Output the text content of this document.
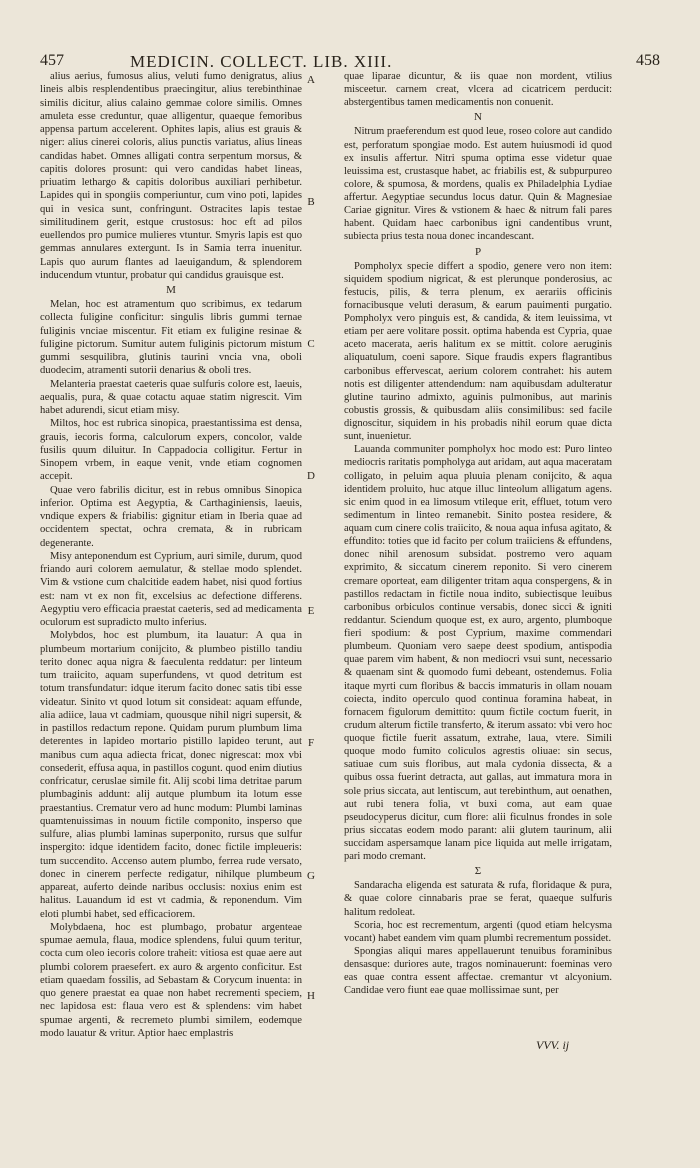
457	MEDICIN. COLLECT. LIB. XIII.	458

alius aerius, fumosus alius, veluti fumo denigratus, alius lineis albis resplendentibus praecingitur, alius terebinthinae similis dicitur, alius calaino gemmae colore similis. Omnes amuleta esse creduntur, quae alligentur, quaeque femoribus appensa partum accelerent. Ophites lapis, alius est grauis & niger: alius cinerei coloris, alius punctis variatus, alius lineas candidas habet. Omnes alligati contra serpentum morsus, & capitis dolores prosunt: qui vero candidas habet lineas, priuatim lethargo & capitis doloribus auxiliari perhibetur. Lapides qui in spongiis comperiuntur, cum vino poti, lapides qui in vesica sunt, confringunt. Ostracites lapis testae similitudinem gerit, estque crustosus: hoc eft ad pilos euellendos pro pumice mulieres vtuntur. Smyris lapis est quo gemmas annulares extergunt. Is in Samia terra inuenitur. Lapis quo aurum flantes ad laeuigandum, & splendorem inducendum vtuntur, probatur qui candidus grauisque est.

M

Melan, hoc est atramentum quo scribimus, ex tedarum collecta fuligine conficitur: singulis libris gummi ternae fuliginis vnciae miscentur. Fit etiam ex fuligine resinae & fuligine pictorum. Sumitur autem fuliginis pictorum mistum gummi sesquilibra, glutinis taurini vncia vna, oboli duodecim, atramenti sutorii denarius & oboli tres.

Melanteria praestat caeteris quae sulfuris colore est, laeuis, aequalis, pura, & quae cotactu aquae statim nigrescit. Vim habet adurendi, sicut etiam misy.

Miltos, hoc est rubrica sinopica, praestantissima est densa, grauis, iecoris forma, calculorum expers, concolor, valde fusilis quum diluitur. In Cappadocia colligitur. Fertur in Sinopem vrbem, in eaque venit, vnde etiam cognomen accepit.

Quae vero fabrilis dicitur, est in rebus omnibus Sinopica inferior. Optima est Aegyptia, & Carthaginiensis, laeuis, vndique expers & friabilis: gignitur etiam in Iberia quae ad occidentem spectat, ochra cremata, & in rubricam degenerante.

Misy anteponendum est Cyprium, auri simile, durum, quod friando auri colorem aemulatur, & stellae modo splendet. Vim & vstione cum chalcitide eadem habet, nisi quod fortius est: nam vt ex non fit, excelsius ac defectione differens. Aegyptiu vero efficacia praestat caeteris, sed ad medicamenta oculorum est supradicto multo inferius.

Molybdos, hoc est plumbum, ita lauatur: A qua in plumbeum mortarium conijcito, & plumbeo pistillo tandiu terito donec aqua nigra & faeculenta reddatur: per linteum tum traiicito, aquam superfundens, vt quod detritum est totum transfundatur: idque iterum facito donec satis tibi esse videatur. Sinito vt quod lotum sit consideat: aquam effunde, alia adiice, laua vt cadmiam, quousque nihil nigri supersit, & in pastillos redactum repone. Quidam purum plumbum lima deterentes in lapideo mortario pistillo lapideo terunt, aut manibus cum aqua adiecta fricat, donec nigrescat: mox vbi consederit, effusa aqua, in pastillos cogunt. quod enim diutius confricatur, ceruslae simile fit. Alij scobi lima detritae parum plumbaginis addunt: alij autque plumbum ita lotum esse praestantius. Crematur vero ad hunc modum: Plumbi laminas quamtenuissimas in nouum fictile componito, insperso que sulfure, alias plumbi laminas superponito, rursus que sulfur inspergito: idque identidem facito, donec fictile impleueris: tum succendito. Accenso autem plumbo, ferrea rude versato, donec in cinerem perfecte redigatur, nihilque plumbeum appareat, auferto deinde naribus occlusis: noxius enim est halitus. Lauandum id est vt cadmia, & reponendum. Vim eloti plumbi habet, sed efficaciorem.

Molybdaena, hoc est plumbago, probatur argenteae spumae aemula, flaua, modice splendens, fului quum teritur, cocta cum oleo iecoris colore traheit: vitiosa est quae aere aut plumbi colorem praesefert. ex auro & argento conficitur. Est etiam quaedam fossilis, ad Sebastam & Corycum inuenta: in quo genere praestat ea quae non habet recrementi speciem, nec lapidosa est: flaua vero est & splendens: vim habet spumae argenti, & recremeto plumbi similem, eodemque modo lauatur & vritur. Aptior haec emplastris

quae liparae dicuntur, & iis quae non mordent, vtilius misceetur. carnem creat, vlcera ad cicatricem perducit: abstergentibus tamen medicamentis non conuenit.

N

Nitrum praeferendum est quod leue, roseo colore aut candido est, perforatum spongiae modo. Est autem huiusmodi id quod ex insulis affertur. Nitri spuma optima esse videtur quae leuissima est, crustasque habet, ac friabilis est, & subpurpureo colore, & spumosa, & mordens, qualis ex Philadelphia Lydiae affertur. Aegyptiae secundus locus datur. Quin & Magnesiae Cariae gignitur. Vires & vstionem & haec & nitrum fali pares habent. Quidam haec carbonibus igni candentibus vrunt, subiecta prius testa noua donec incandescant.

P

Pompholyx specie differt a spodio, genere vero non item: siquidem spodium nigricat, & est plerunque ponderosius, ac festucis, pilis, & terra plenum, ex aerariis officinis fornacibusque veluti derasum, & earum pauimenti purgatio. Pompholyx vero pinguis est, & candida, & item leuissima, vt etiam per aere volitare possit. optima habenda est Cypria, quae aceto macerata, aeris halitum ex se mittit. colore aeruginis aliquatulum, coeni sapore. Sique fraudis expers flagrantibus carbonibus effervescat, aerium colorem contrahet: his autem notis est diligenter attendendum: nam aquibusdam adulteratur glutine taurino admixto, aguinis pulmonibus, aut marinis cobustis grossis, & quibusdam aliis consimilibus: sed facile dignoscitur, siquidem in his probadis nihil eorum quae dicta sunt, inuenietur.

Lauanda communiter pompholyx hoc modo est: Puro linteo mediocris raritatis pompholyga aut aridam, aut aqua maceratam colligato, in peluim aqua pluuia plenam conijcito, & aqua identidem proluito, huc atque illuc linteolum alligatum agens. sic enim quod in ea limosum vtileque erit, effluet, totum vero sedimentum in linteo remanebit. Sinito postea residere, & aquam cum cinere colis traiicito, & noua aqua infusa agitato, & effundito: toties que id facito per colum traiiciens & effundens, donec nihil arenosum subsidat. postremo vero aquam exprimito, & siccatum cinerem reponito. Si vero cinerem cremare oporteat, eam diligenter tritam aqua conspergens, & in pastillos redactam in fictile noua indito, subiectisque leuibus carbonibus orbiculos continue versabis, donec sicci & igniti reddantur. Sciendum quoque est, ex auro, argento, plumboque fieri spodium: & post Cyprium, maxime commendari plumbeum. Quoniam vero saepe deest spodium, antispodia quae parem vim habent, & non mediocri vsui sunt, necessario & quaenam sint & quomodo fumi debeant, ostendemus. Folia itaque myrti cum floribus & baccis immaturis in ollam nouam coiecta, indito operculo quod continua foramina habeat, in fornacem figulorum demittito: quum fictile coctum fuerit, in crudum alterum fictile transferto, & iterum assato: vbi vero hoc quoque fictile fuerit assatum, extrahe, laua, vtere. Simili quoque modo fumito coliculos agrestis oliuae: sin secus, satiuae cum suis floribus, aut mala cydonia dissecta, & a quibus ossa fuerint detracta, aut gallas, aut immatura mora in sole prius siccata, aut lentiscum, aut terebinthum, aut oenathen, aut rubi tenera folia, vt buxi coma, aut eam quae pseudocyperus dicitur, cum flore: alii ficulnus frondes in sole prius siccatas eodem modo parant: alii glutem taurinum, alii succidam aspersamque lanam pice liquida aut melle irrigatam, pari modo cremant.

Σ

Sandaracha eligenda est saturata & rufa, floridaque & pura, & quae colore cinnabaris prae se ferat, quaeque sulfuris halitum redoleat.

Scoria, hoc est recrementum, argenti (quod etiam helcysma vocant) habet eandem vim quam plumbi recrementum possidet.

Spongias aliqui mares appellauerunt tenuibus foraminibus densasque: duriores aute, tragos nominauerunt: foeminas vero eas quae contra essent affectae. cremantur vt alcyonium. Candidae vero fiunt eae quae mollissimae sunt, per

A
B
C
D
E
F
G
H
VVV. ij
